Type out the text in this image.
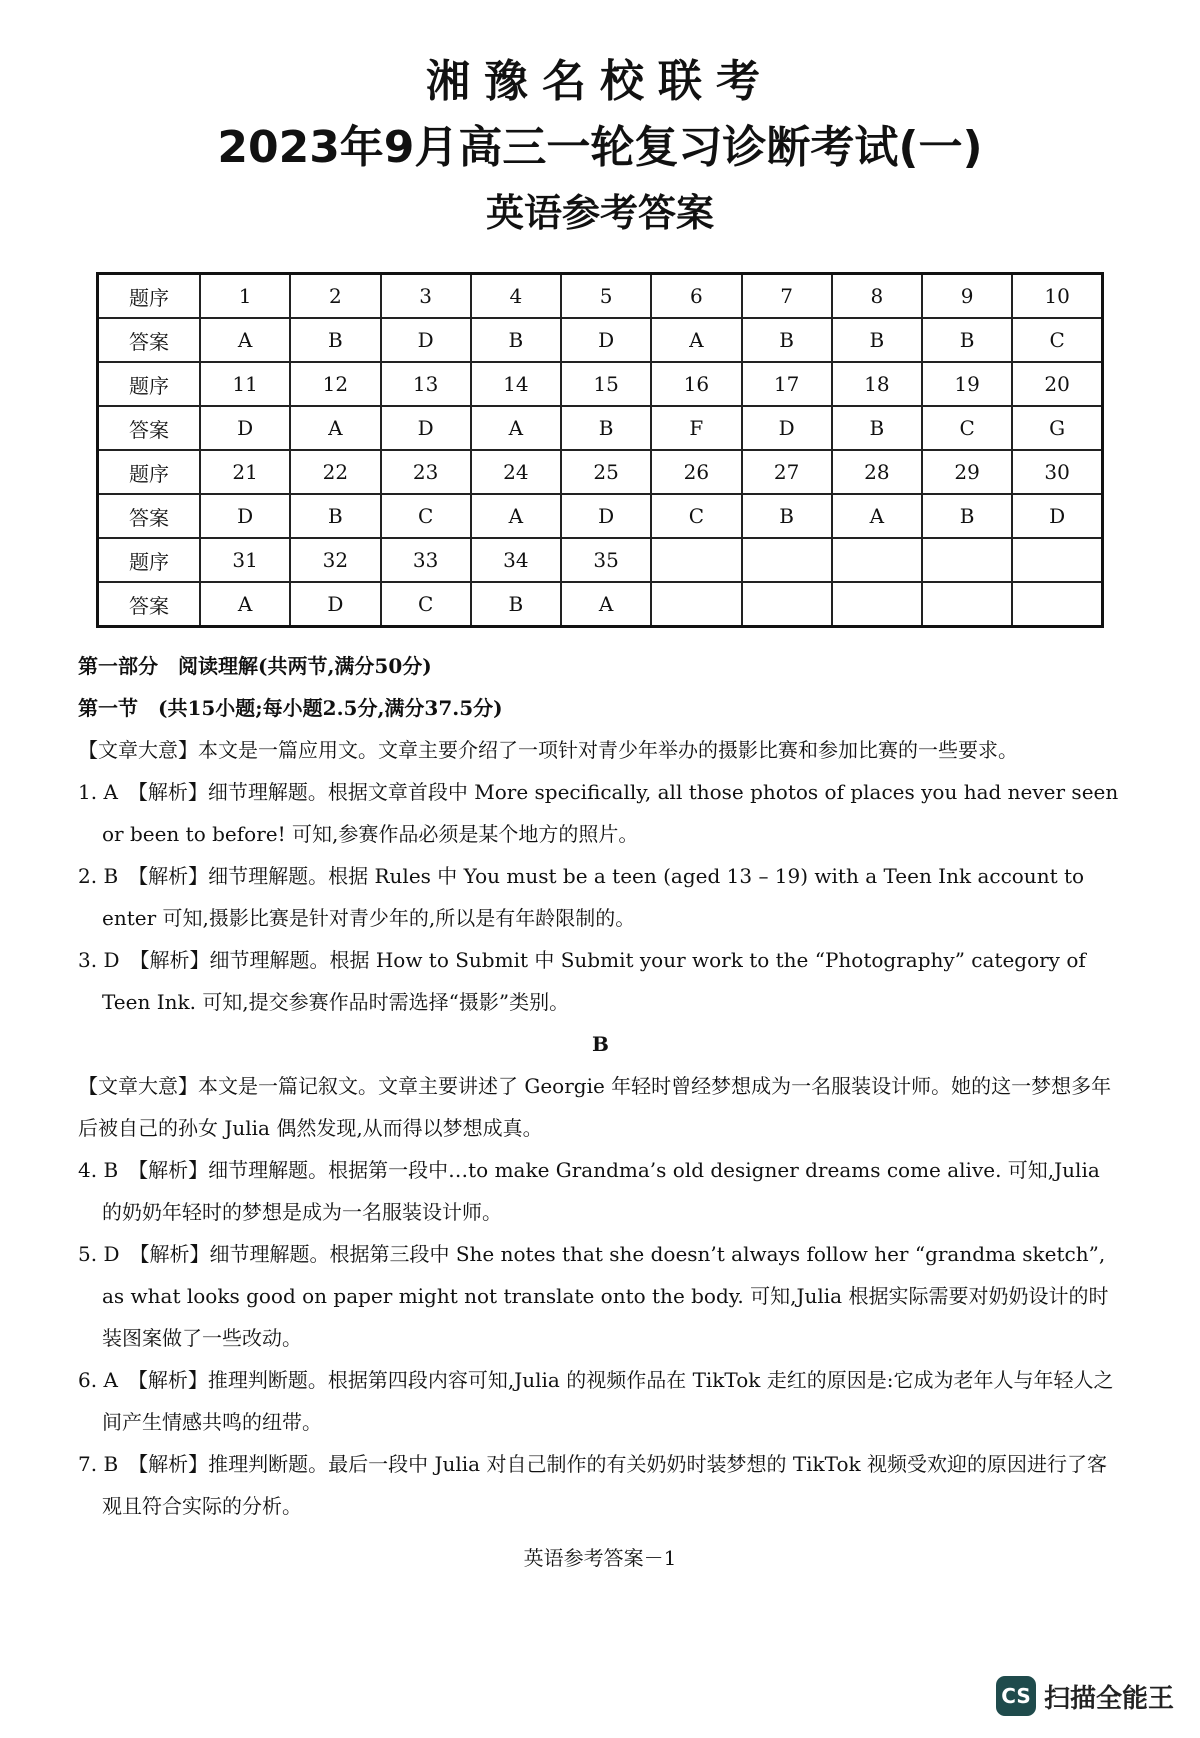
湘豫名校联考
2023年9月高三一轮复习诊断考试(一)
英语参考答案
题序	1	2	3	4	5	6	7	8	9	10
答案	A	B	D	B	D	A	B	B	B	C
题序	11	12	13	14	15	16	17	18	19	20
答案	D	A	D	A	B	F	D	B	C	G
题序	21	22	23	24	25	26	27	28	29	30
答案	D	B	C	A	D	C	B	A	B	D
题序	31	32	33	34	35					
答案	A	D	C	B	A					
第一部分　阅读理解(共两节,满分50分)
第一节　(共15小题;每小题2.5分,满分37.5分)
【文章大意】本文是一篇应用文。文章主要介绍了一项针对青少年举办的摄影比赛和参加比赛的一些要求。
1. A　【解析】细节理解题。根据文章首段中 More specifically, all those photos of places you had never seen or been to before! 可知,参赛作品必须是某个地方的照片。
2. B　【解析】细节理解题。根据 Rules 中 You must be a teen (aged 13 – 19) with a Teen Ink account to enter 可知,摄影比赛是针对青少年的,所以是有年龄限制的。
3. D　【解析】细节理解题。根据 How to Submit 中 Submit your work to the “Photography” category of Teen Ink. 可知,提交参赛作品时需选择“摄影”类别。
B
【文章大意】本文是一篇记叙文。文章主要讲述了 Georgie 年轻时曾经梦想成为一名服装设计师。她的这一梦想多年后被自己的孙女 Julia 偶然发现,从而得以梦想成真。
4. B　【解析】细节理解题。根据第一段中…to make Grandma’s old designer dreams come alive. 可知,Julia 的奶奶年轻时的梦想是成为一名服装设计师。
5. D　【解析】细节理解题。根据第三段中 She notes that she doesn’t always follow her “grandma sketch”, as what looks good on paper might not translate onto the body. 可知,Julia 根据实际需要对奶奶设计的时装图案做了一些改动。
6. A　【解析】推理判断题。根据第四段内容可知,Julia 的视频作品在 TikTok 走红的原因是:它成为老年人与年轻人之间产生情感共鸣的纽带。
7. B　【解析】推理判断题。最后一段中 Julia 对自己制作的有关奶奶时装梦想的 TikTok 视频受欢迎的原因进行了客观且符合实际的分析。
英语参考答案－1
CS 扫描全能王
